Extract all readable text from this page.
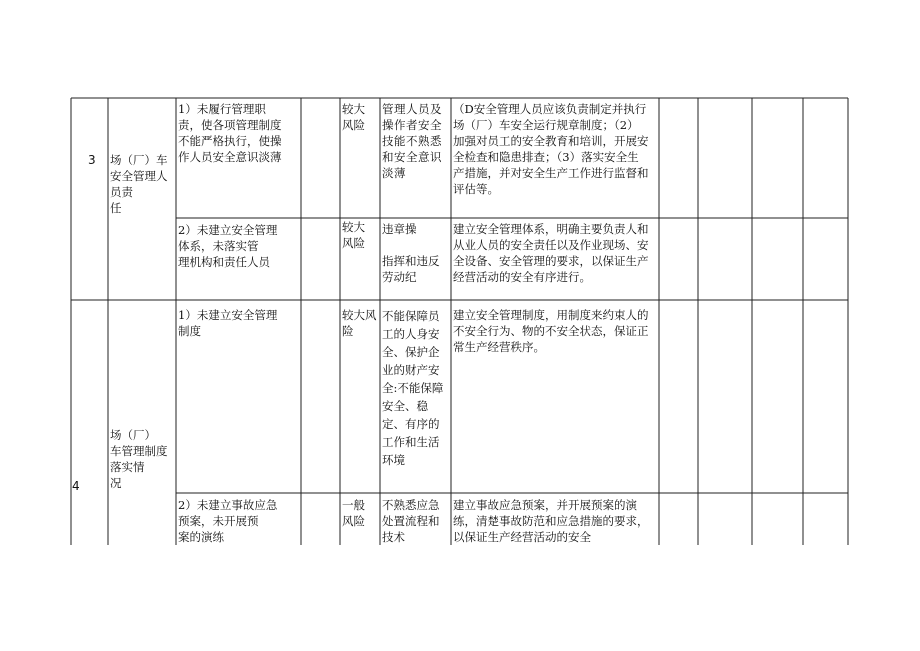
3 场（厂）车
安全管理人
员责
任
1）未履行管理职
责，使各项管理制度
不能严格执行，使操
作人员安全意识淡薄
较大
风险
管理人员及
操作者安全
技能不熟悉
和安全意识
淡薄
（D安全管理人员应该负责制定并执行
场（厂）车安全运行规章制度；（2）
加强对员工的安全教育和培训，开展安
全检查和隐患排查；（3）落实安全生
产措施，并对安全生产工作进行监督和
评估等。
2）未建立安全管理
体系，未落实管
理机构和责任人员
较大
风险
违章操

指挥和违反
劳动纪
建立安全管理体系，明确主要负责人和
从业人员的安全责任以及作业现场、安
全设备、安全管理的要求，以保证生产
经营活动的安全有序进行。
4
场（厂）
车管理制度
落实情
况
1）未建立安全管理
制度
较大风
险
不能保障员
工的人身安
全、保护企
业的财产安
全:不能保障
安全、稳
定、有序的
工作和生活
环境
建立安全管理制度，用制度来约束人的
不安全行为、物的不安全状态，保证正
常生产经营秩序。
2）未建立事故应急
预案，未开展预
案的演练
一般
风险
不熟悉应急
处置流程和
技术
建立事故应急预案，并开展预案的演
练，清楚事故防范和应急措施的要求，
以保证生产经营活动的安全
